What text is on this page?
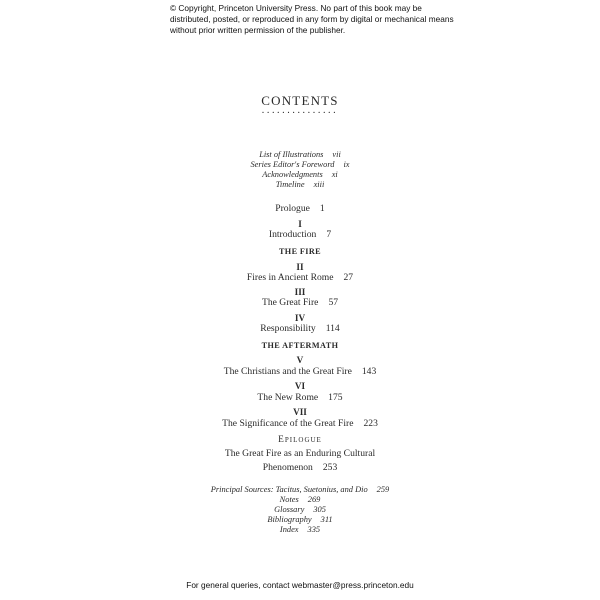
© Copyright, Princeton University Press. No part of this book may be distributed, posted, or reproduced in any form by digital or mechanical means without prior written permission of the publisher.
CONTENTS
...............
List of Illustrations vii
Series Editor's Foreword ix
Acknowledgments xi
Timeline xiii
Prologue 1
I
Introduction 7
THE FIRE
II
Fires in Ancient Rome 27
III
The Great Fire 57
IV
Responsibility 114
THE AFTERMATH
V
The Christians and the Great Fire 143
VI
The New Rome 175
VII
The Significance of the Great Fire 223
Epilogue
The Great Fire as an Enduring Cultural
Phenomenon 253
Principal Sources: Tacitus, Suetonius, and Dio 259
Notes 269
Glossary 305
Bibliography 311
Index 335
For general queries, contact webmaster@press.princeton.edu
